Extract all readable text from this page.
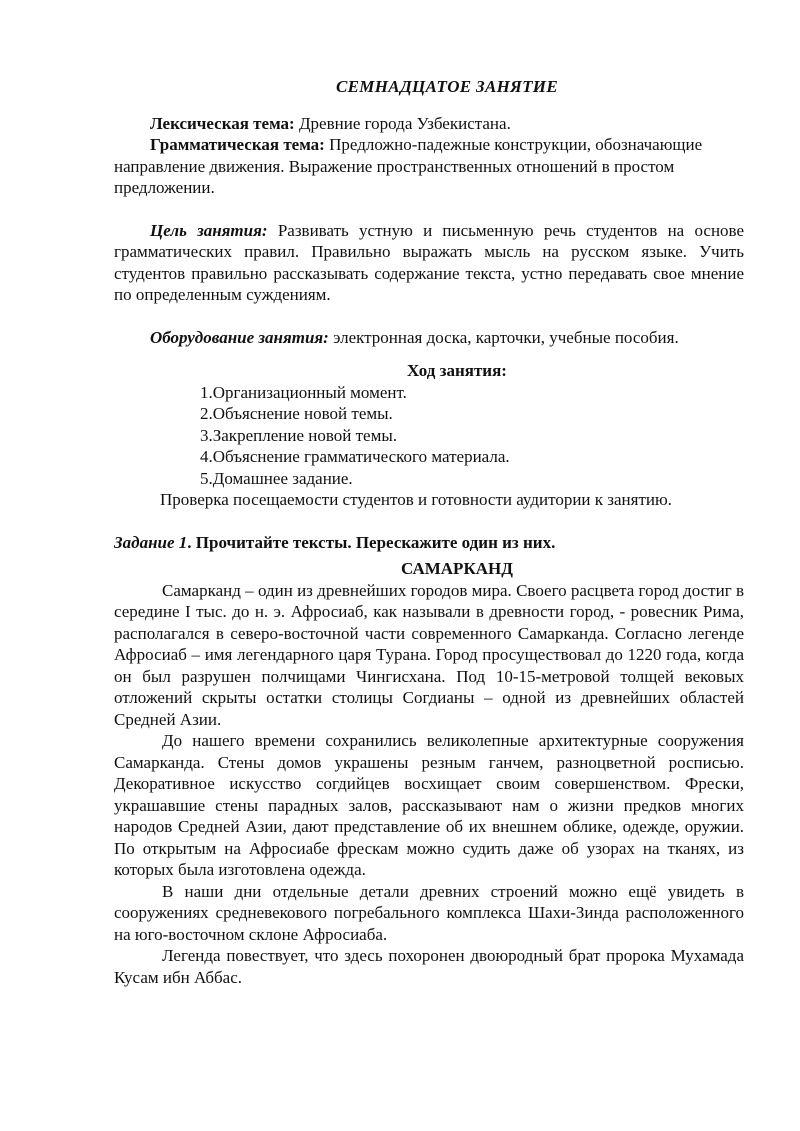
СЕМНАДЦАТОЕ ЗАНЯТИЕ

Лексическая тема: Древние города Узбекистана.

Грамматическая тема: Предложно-падежные конструкции, обозначающие направление движения. Выражение пространственных отношений в простом предложении.

Цель занятия: Развивать устную и письменную речь студентов на основе грамматических правил. Правильно выражать мысль на русском языке. Учить студентов правильно рассказывать содержание текста, устно передавать свое мнение по определенным суждениям.

Оборудование занятия: электронная доска, карточки, учебные пособия.

Ход занятия:

1.Организационный момент.
2.Объяснение новой темы.
3.Закрепление новой темы.
4.Объяснение грамматического материала.
5.Домашнее задание.

Проверка посещаемости студентов и готовности аудитории к занятию.

Задание 1. Прочитайте тексты. Перескажите один из них.

САМАРКАНД

Самарканд – один из древнейших городов мира. Своего расцвета город достиг в середине I тыс. до н. э. Афросиаб, как называли в древности город, - ровесник Рима, располагался в северо-восточной части современного Самарканда. Согласно легенде Афросиаб – имя легендарного царя Турана. Город просуществовал до 1220 года, когда он был разрушен полчищами Чингисхана. Под 10-15-метровой толщей вековых отложений скрыты остатки столицы Согдианы – одной из древнейших областей Средней Азии.

До нашего времени сохранились великолепные архитектурные сооружения Самарканда. Стены домов украшены резным ганчем, разноцветной росписью. Декоративное искусство согдийцев восхищает своим совершенством. Фрески, украшавшие стены парадных залов, рассказывают нам о жизни предков многих народов Средней Азии, дают представление об их внешнем облике, одежде, оружии. По открытым на Афросиабе фрескам можно судить даже об узорах на тканях, из которых была изготовлена одежда.

В наши дни отдельные детали древних строений можно ещё увидеть в сооружениях средневекового погребального комплекса Шахи-Зинда расположенного на юго-восточном склоне Афросиаба.

Легенда повествует, что здесь похоронен двоюродный брат пророка Мухамада Кусам ибн Аббас.
